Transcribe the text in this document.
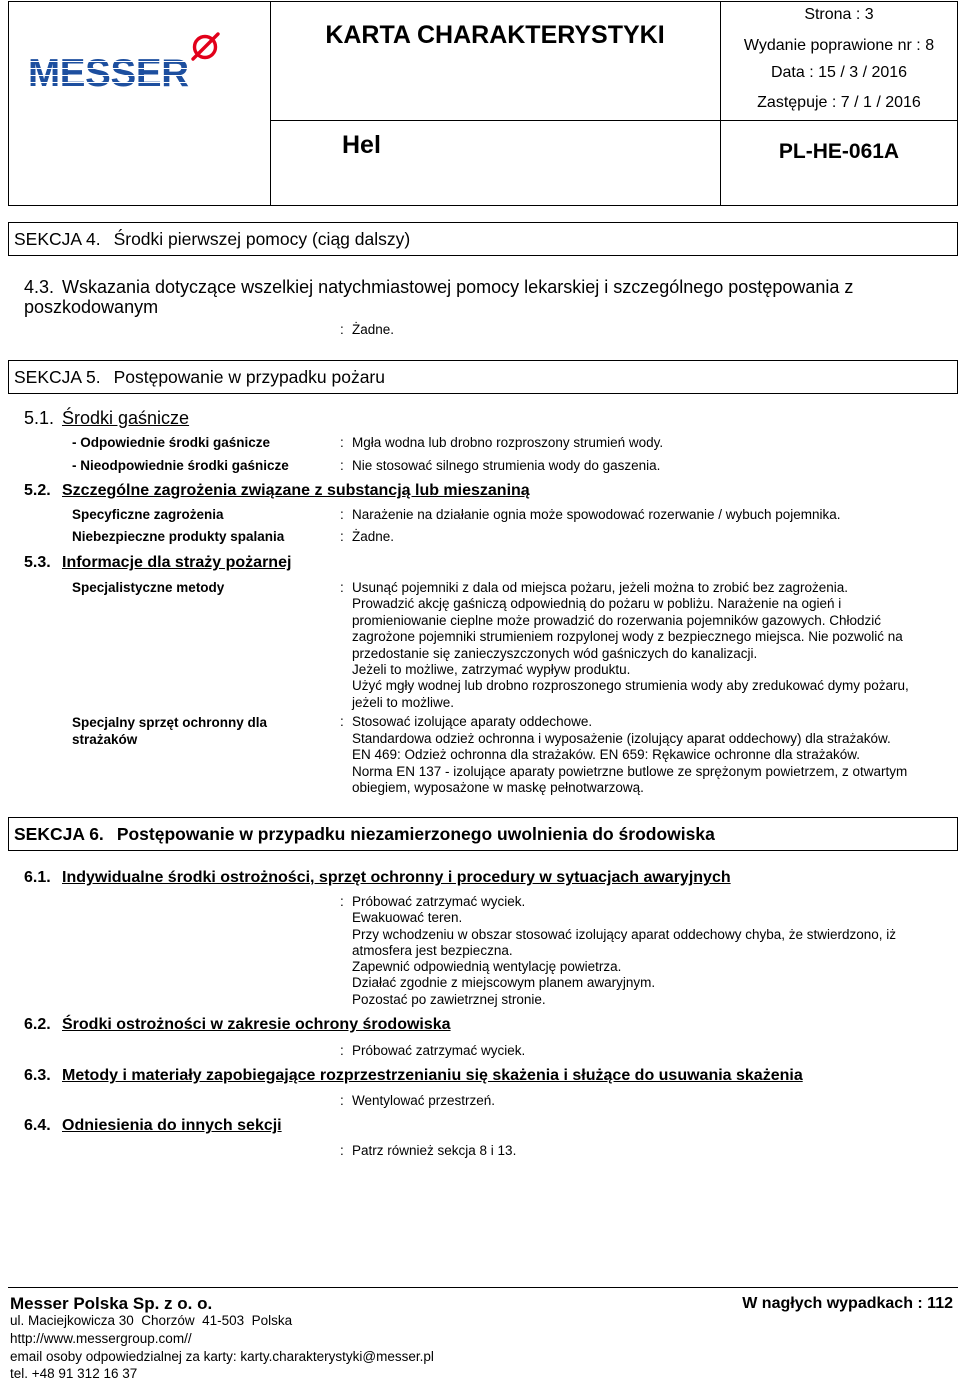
MESSER
KARTA CHARAKTERYSTYKI
Hel
Strona : 3
Wydanie poprawione nr : 8
Data : 15 / 3 / 2016
Zastępuje : 7 / 1 / 2016
PL-HE-061A
SEKCJA 4. Środki pierwszej pomocy (ciąg dalszy)
4.3. Wskazania dotyczące wszelkiej natychmiastowej pomocy lekarskiej i szczególnego postępowania z
poszkodowanym
: Żadne.
SEKCJA 5. Postępowanie w przypadku pożaru
5.1. Środki gaśnicze
- Odpowiednie środki gaśnicze	: Mgła wodna lub drobno rozproszony strumień wody.
- Nieodpowiednie środki gaśnicze	: Nie stosować silnego strumienia wody do gaszenia.
5.2. Szczególne zagrożenia związane z substancją lub mieszaniną
Specyficzne zagrożenia	: Narażenie na działanie ognia może spowodować rozerwanie / wybuch pojemnika.
Niebezpieczne produkty spalania	: Żadne.
5.3. Informacje dla straży pożarnej
Specjalistyczne metody	: Usunąć pojemniki z dala od miejsca pożaru, jeżeli można to zrobić bez zagrożenia.
Prowadzić akcję gaśniczą odpowiednią do pożaru w pobliżu. Narażenie na ogień i
promieniowanie cieplne może prowadzić do rozerwania pojemników gazowych. Chłodzić
zagrożone pojemniki strumieniem rozpylonej wody z bezpiecznego miejsca. Nie pozwolić na
przedostanie się zanieczyszczonych wód gaśniczych do kanalizacji.
Jeżeli to możliwe, zatrzymać wypływ produktu.
Użyć mgły wodnej lub drobno rozproszonego strumienia wody aby zredukować dymy pożaru,
jeżeli to możliwe.
Specjalny sprzęt ochronny dla
strażaków
: Stosować izolujące aparaty oddechowe.
Standardowa odzież ochronna i wyposażenie (izolujący aparat oddechowy) dla strażaków.
EN 469: Odzież ochronna dla strażaków. EN 659: Rękawice ochronne dla strażaków.
Norma EN 137 - izolujące aparaty powietrzne butlowe ze sprężonym powietrzem, z otwartym
obiegiem, wyposażone w maskę pełnotwarzową.
SEKCJA 6. Postępowanie w przypadku niezamierzonego uwolnienia do środowiska
6.1. Indywidualne środki ostrożności, sprzęt ochronny i procedury w sytuacjach awaryjnych
: Próbować zatrzymać wyciek.
Ewakuować teren.
Przy wchodzeniu w obszar stosować izolujący aparat oddechowy chyba, że stwierdzono, iż
atmosfera jest bezpieczna.
Zapewnić odpowiednią wentylację powietrza.
Działać zgodnie z miejscowym planem awaryjnym.
Pozostać po zawietrznej stronie.
6.2. Środki ostrożności w zakresie ochrony środowiska
: Próbować zatrzymać wyciek.
6.3. Metody i materiały zapobiegające rozprzestrzenianiu się skażenia i służące do usuwania skażenia
: Wentylować przestrzeń.
6.4. Odniesienia do innych sekcji
: Patrz również sekcja 8 i 13.
Messer Polska Sp. z o. o.	W nagłych wypadkach : 112
ul. Maciejkowicza 30  Chorzów  41-503  Polska
http://www.messergroup.com//
email osoby odpowiedzialnej za karty: karty.charakterystyki@messer.pl
tel. +48 91 312 16 37
